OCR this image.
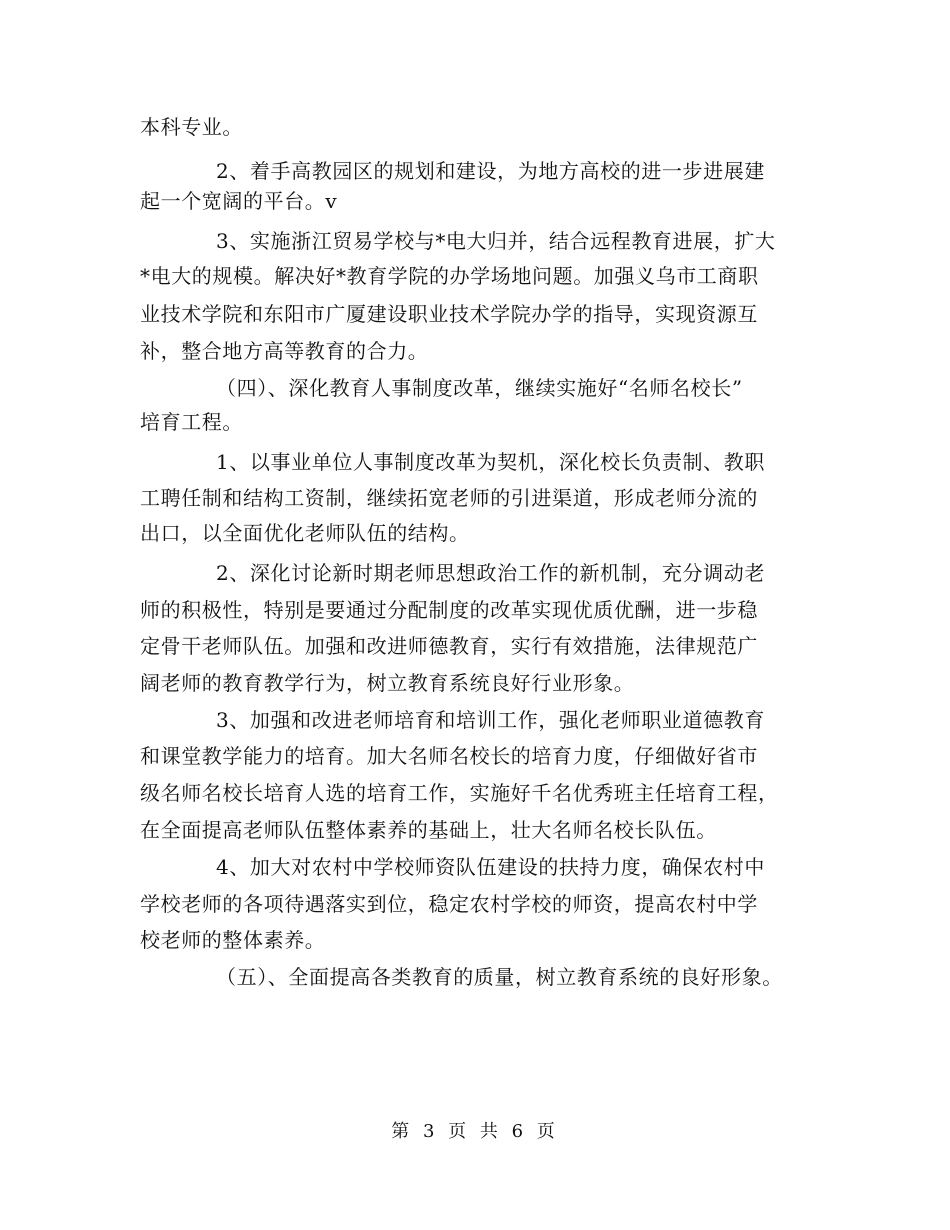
本科专业。
2、着手高教园区的规划和建设，为地方高校的进一步进展建
起一个宽阔的平台。v
3、实施浙江贸易学校与*电大归并，结合远程教育进展，扩大
*电大的规模。解决好*教育学院的办学场地问题。加强义乌市工商职
业技术学院和东阳市广厦建设职业技术学院办学的指导，实现资源互
补，整合地方高等教育的合力。
（四）、深化教育人事制度改革，继续实施好“名师名校长”
培育工程。
1、以事业单位人事制度改革为契机，深化校长负责制、教职
工聘任制和结构工资制，继续拓宽老师的引进渠道，形成老师分流的
出口，以全面优化老师队伍的结构。
2、深化讨论新时期老师思想政治工作的新机制，充分调动老
师的积极性，特别是要通过分配制度的改革实现优质优酬，进一步稳
定骨干老师队伍。加强和改进师德教育，实行有效措施，法律规范广
阔老师的教育教学行为，树立教育系统良好行业形象。
3、加强和改进老师培育和培训工作，强化老师职业道德教育
和课堂教学能力的培育。加大名师名校长的培育力度，仔细做好省市
级名师名校长培育人选的培育工作，实施好千名优秀班主任培育工程，
在全面提高老师队伍整体素养的基础上，壮大名师名校长队伍。
4、加大对农村中学校师资队伍建设的扶持力度，确保农村中
学校老师的各项待遇落实到位，稳定农村学校的师资，提高农村中学
校老师的整体素养。
（五）、全面提高各类教育的质量，树立教育系统的良好形象。
第 3 页 共 6 页
